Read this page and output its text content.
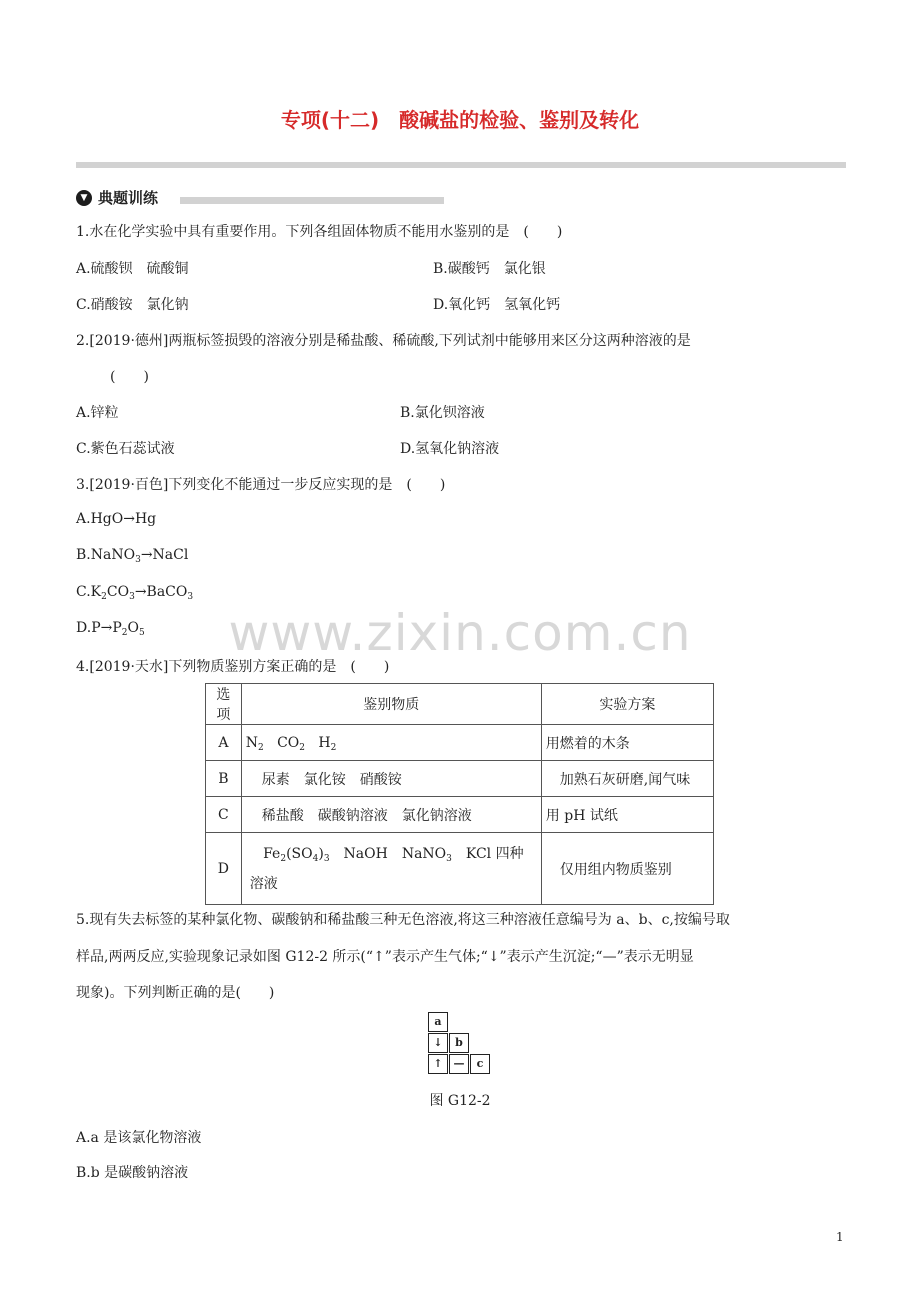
专项(十二)　酸碱盐的检验、鉴别及转化
▼ 典题训练
1.水在化学实验中具有重要作用。下列各组固体物质不能用水鉴别的是　(　　)
A.硫酸钡　硫酸铜	B.碳酸钙　氯化银
C.硝酸铵　氯化钠	D.氧化钙　氢氧化钙
2.[2019·德州]两瓶标签损毁的溶液分别是稀盐酸、稀硫酸,下列试剂中能够用来区分这两种溶液的是
(　　)
A.锌粒	B.氯化钡溶液
C.紫色石蕊试液	D.氢氧化钠溶液
3.[2019·百色]下列变化不能通过一步反应实现的是　(　　)
A.HgO→Hg
B.NaNO$_3$→NaCl
$C.K_2CO_3\to BaCO_3$
$D.P\to P_2O_5$	www.zixin.com.cn
4.[2019·天水]下列物质鉴别方案正确的是　(　　)
选项	鉴别物质	实验方案
A	$N_2$ $CO_2$ $H_2$	用燃着的木条
B	尿素　氯化铵　硝酸铵	加熟石灰研磨,闻气味
C	稀盐酸　碳酸钠溶液　氯化钠溶液	用 pH 试纸
D	$Fe_2(SO_4)_3$　NaOH　NaNO$_3$　KCl 四种溶液	仅用组内物质鉴别
5.现有失去标签的某种氯化物、碳酸钠和稀盐酸三种无色溶液,将这三种溶液任意编号为 a、b、c,按编号取
样品,两两反应,实验现象记录如图 G12-2 所示(“↑”表示产生气体;“↓”表示产生沉淀;“—”表示无明显
现象)。下列判断正确的是(　　)
a
↓	b
↑ —	c
图 G12-2
A.a 是该氯化物溶液
B.b 是碳酸钠溶液
1
